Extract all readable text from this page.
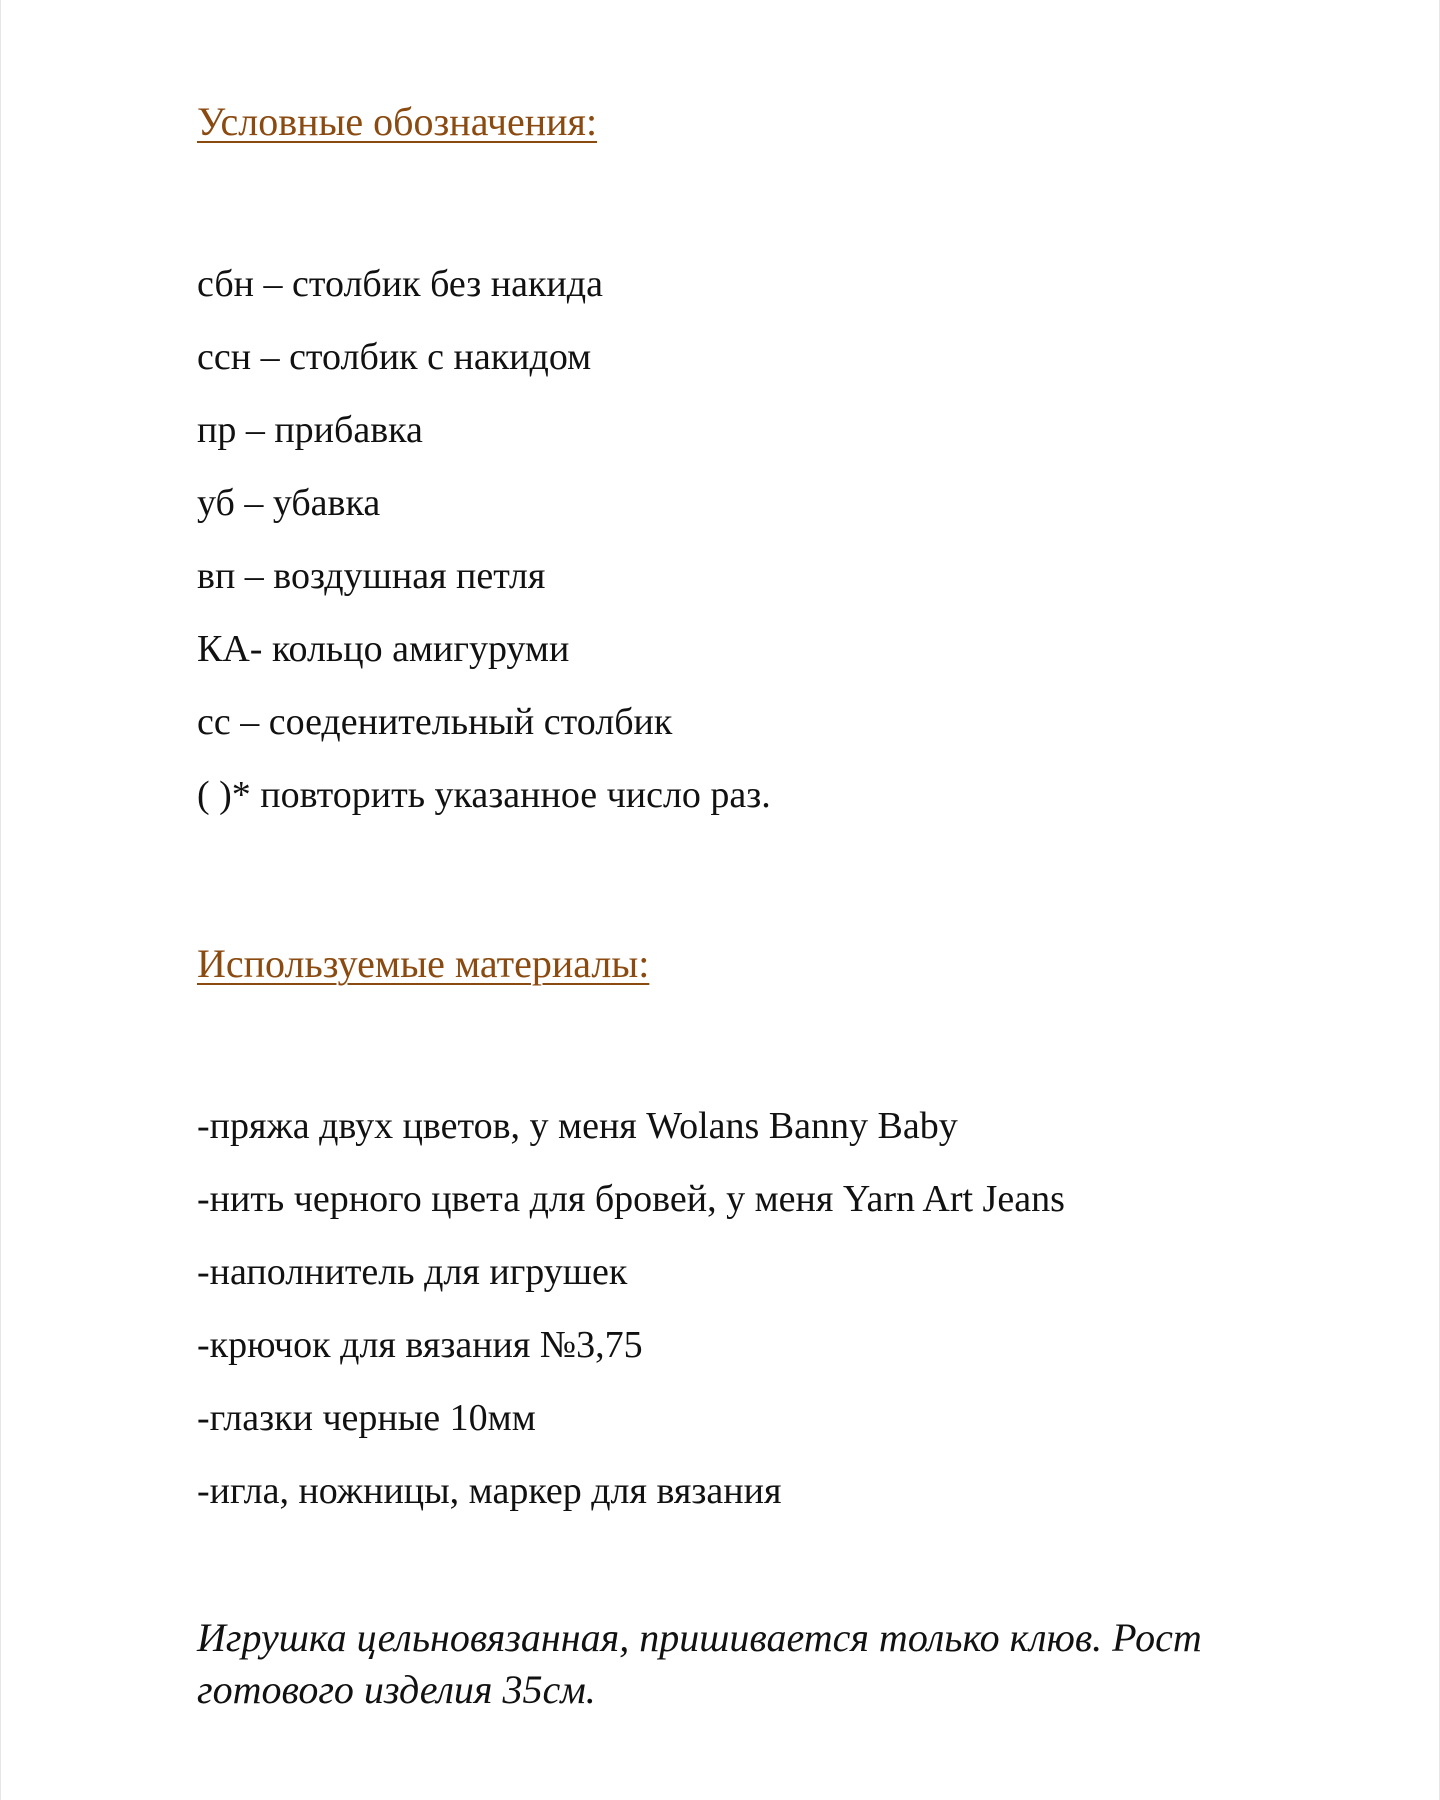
Условные обозначения:
сбн – столбик без накида
ссн – столбик с накидом
пр – прибавка
уб – убавка
вп – воздушная петля
КА- кольцо амигуруми
сс – соеденительный столбик
( )* повторить указанное число раз.
Используемые материалы:
-пряжа двух цветов, у меня Wolans Banny Baby
-нить черного цвета для бровей, у меня Yarn Art Jeans
-наполнитель для игрушек
-крючок для вязания №3,75
-глазки черные 10мм
-игла, ножницы, маркер для вязания

Игрушка цельновязанная, пришивается только клюв. Рост готового изделия 35см.
